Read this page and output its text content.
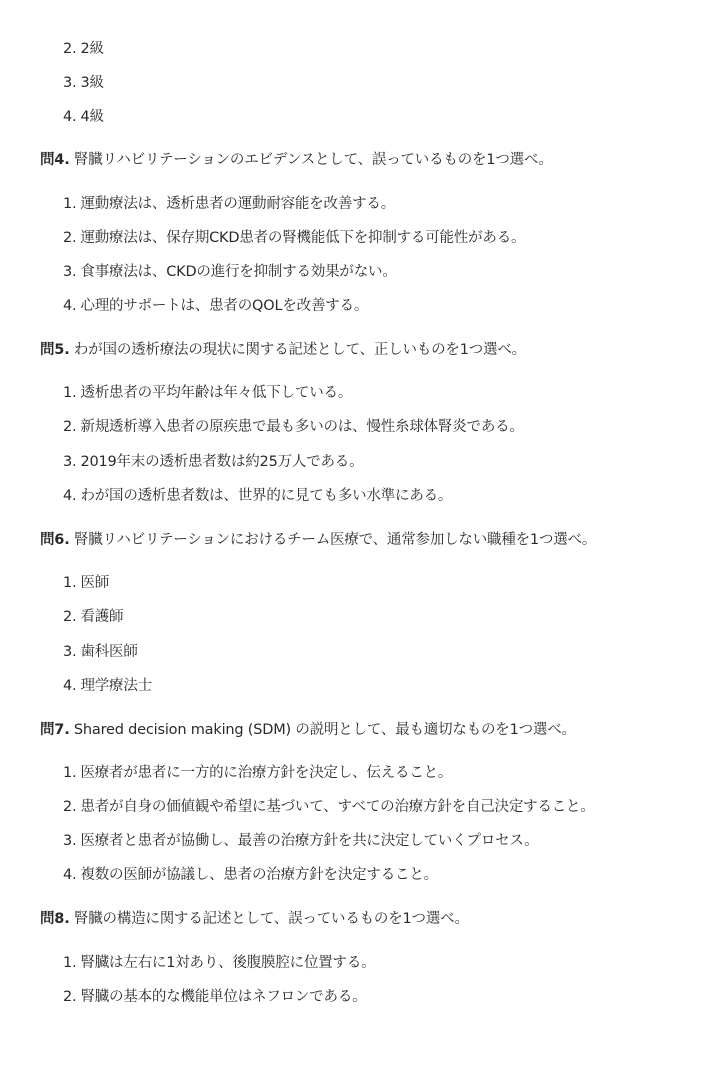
2. 2級
3. 3級
4. 4級
問4. 腎臓リハビリテーションのエビデンスとして、誤っているものを1つ選べ。
1. 運動療法は、透析患者の運動耐容能を改善する。
2. 運動療法は、保存期CKD患者の腎機能低下を抑制する可能性がある。
3. 食事療法は、CKDの進行を抑制する効果がない。
4. 心理的サポートは、患者のQOLを改善する。
問5. わが国の透析療法の現状に関する記述として、正しいものを1つ選べ。
1. 透析患者の平均年齢は年々低下している。
2. 新規透析導入患者の原疾患で最も多いのは、慢性糸球体腎炎である。
3. 2019年末の透析患者数は約25万人である。
4. わが国の透析患者数は、世界的に見ても多い水準にある。
問6. 腎臓リハビリテーションにおけるチーム医療で、通常参加しない職種を1つ選べ。
1. 医師
2. 看護師
3. 歯科医師
4. 理学療法士
問7. Shared decision making (SDM) の説明として、最も適切なものを1つ選べ。
1. 医療者が患者に一方的に治療方針を決定し、伝えること。
2. 患者が自身の価値観や希望に基づいて、すべての治療方針を自己決定すること。
3. 医療者と患者が協働し、最善の治療方針を共に決定していくプロセス。
4. 複数の医師が協議し、患者の治療方針を決定すること。
問8. 腎臓の構造に関する記述として、誤っているものを1つ選べ。
1. 腎臓は左右に1対あり、後腹膜腔に位置する。
2. 腎臓の基本的な機能単位はネフロンである。
